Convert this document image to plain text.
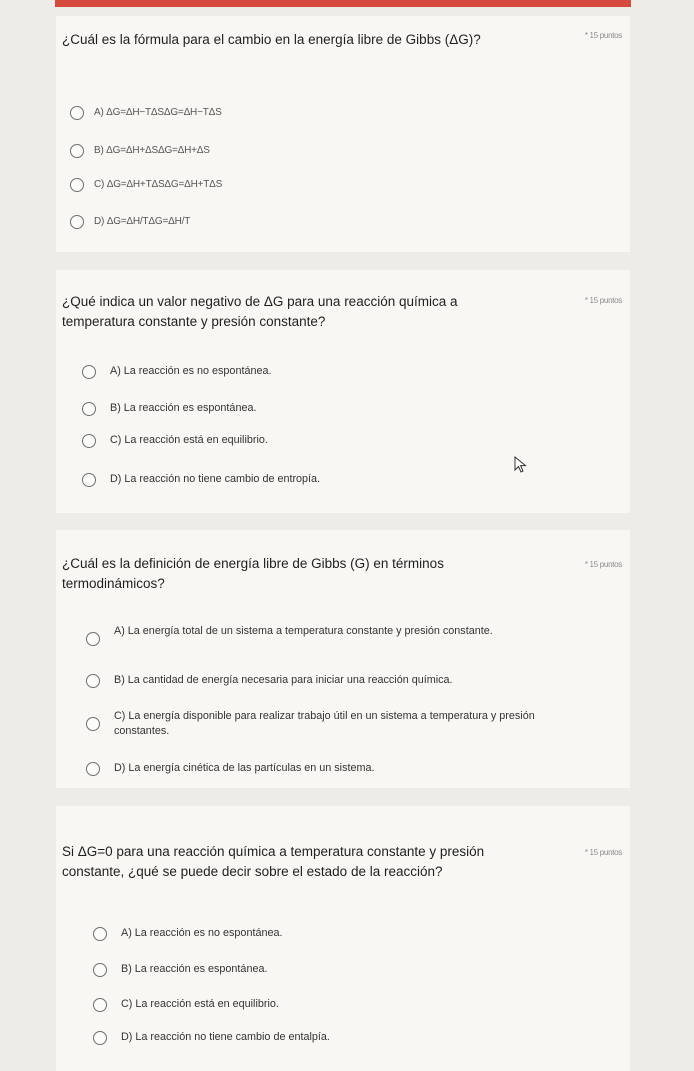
¿Cuál es la fórmula para el cambio en la energía libre de Gibbs (ΔG)?	* 15 puntos
A) ΔG=ΔH−TΔSΔG=ΔH−TΔS
B) ΔG=ΔH+ΔSΔG=ΔH+ΔS
C) ΔG=ΔH+TΔSΔG=ΔH+TΔS
D) ΔG=ΔH/TΔG=ΔH/T
¿Qué indica un valor negativo de ΔG para una reacción química a temperatura constante y presión constante?
* 15 puntos
A) La reacción es no espontánea.
B) La reacción es espontánea.
C) La reacción está en equilibrio.
D) La reacción no tiene cambio de entropía.
¿Cuál es la definición de energía libre de Gibbs (G) en términos termodinámicos?
* 15 puntos
A) La energía total de un sistema a temperatura constante y presión constante.
B) La cantidad de energía necesaria para iniciar una reacción química.
C) La energía disponible para realizar trabajo útil en un sistema a temperatura y presión constantes.
D) La energía cinética de las partículas en un sistema.
Si ΔG=0 para una reacción química a temperatura constante y presión constante, ¿qué se puede decir sobre el estado de la reacción?
* 15 puntos
A) La reacción es no espontánea.
B) La reacción es espontánea.
C) La reacción está en equilibrio.
D) La reacción no tiene cambio de entalpía.
